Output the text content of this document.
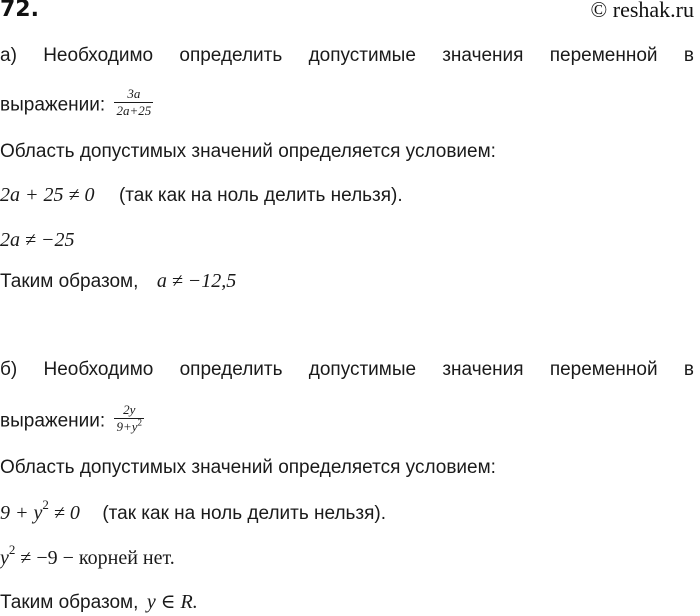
72.	© reshak.ru
а) Необходимо определить допустимые значения переменной в
выражении: $\frac{3a}{2a+25}$
Область допустимых значений определяется условием:
2a + 25 ≠ 0 (так как на ноль делить нельзя).
2a ≠ −25
Таким образом, a ≠ −12,5
б) Необходимо определить допустимые значения переменной в
выражении: $\frac{2y}{9+y^2}$
Область допустимых значений определяется условием:
$9 + y^2 \ne 0$ (так как на ноль делить нельзя).
$y^2 \ne -9$ − корней нет.
Таким образом, y ∈ R.
